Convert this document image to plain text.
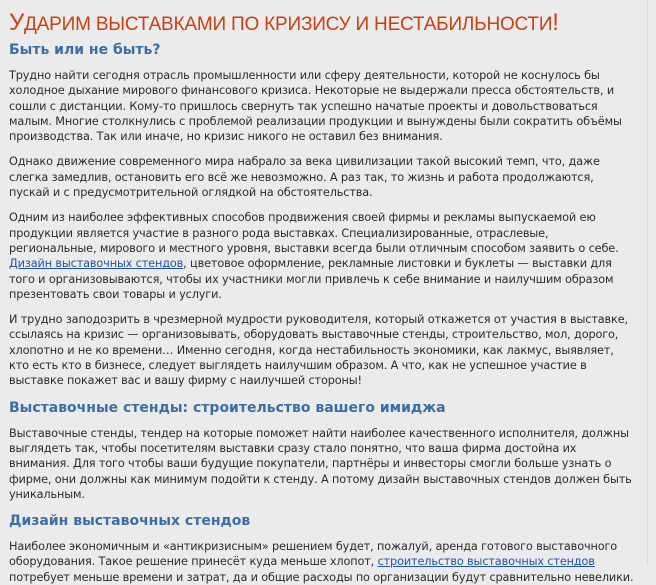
УДАРИМ ВЫСТАВКАМИ ПО КРИЗИСУ И НЕСТАБИЛЬНОСТИ!
Быть или не быть?

Трудно найти сегодня отрасль промышленности или сферу деятельности, которой не коснулось бы холодное дыхание мирового финансового кризиса. Некоторые не выдержали пресса обстоятельств, и сошли с дистанции. Кому-то пришлось свернуть так успешно начатые проекты и довольствоваться малым. Многие столкнулись с проблемой реализации продукции и вынуждены были сократить объёмы производства. Так или иначе, но кризис никого не оставил без внимания.

Однако движение современного мира набрало за века цивилизации такой высокий темп, что, даже слегка замедлив, остановить его всё же невозможно. А раз так, то жизнь и работа продолжаются, пускай и с предусмотрительной оглядкой на обстоятельства.

Одним из наиболее эффективных способов продвижения своей фирмы и рекламы выпускаемой ею продукции является участие в разного рода выставках. Специализированные, отраслевые, региональные, мирового и местного уровня, выставки всегда были отличным способом заявить о себе. Дизайн выставочных стендов, цветовое оформление, рекламные листовки и буклеты — выставки для того и организовываются, чтобы их участники могли привлечь к себе внимание и наилучшим образом презентовать свои товары и услуги.

И трудно заподозрить в чрезмерной мудрости руководителя, который откажется от участия в выставке, ссылаясь на кризис — организовывать, оборудовать выставочные стенды, строительство, мол, дорого, хлопотно и не ко времени… Именно сегодня, когда нестабильность экономики, как лакмус, выявляет, кто есть кто в бизнесе, следует выглядеть наилучшим образом. А что, как не успешное участие в выставке покажет вас и вашу фирму с наилучшей стороны!

Выставочные стенды: строительство вашего имиджа

Выставочные стенды, тендер на которые поможет найти наиболее качественного исполнителя, должны выглядеть так, чтобы посетителям выставки сразу стало понятно, что ваша фирма достойна их внимания. Для того чтобы ваши будущие покупатели, партнёры и инвесторы смогли больше узнать о фирме, они должны как минимум подойти к стенду. А потому дизайн выставочных стендов должен быть уникальным.

Дизайн выставочных стендов

Наиболее экономичным и «антикризисным» решением будет, пожалуй, аренда готового выставочного оборудования. Такое решение принесёт куда меньше хлопот, строительство выставочных стендов потребует меньше времени и затрат, да и общие расходы по организации будут сравнительно невелики.
